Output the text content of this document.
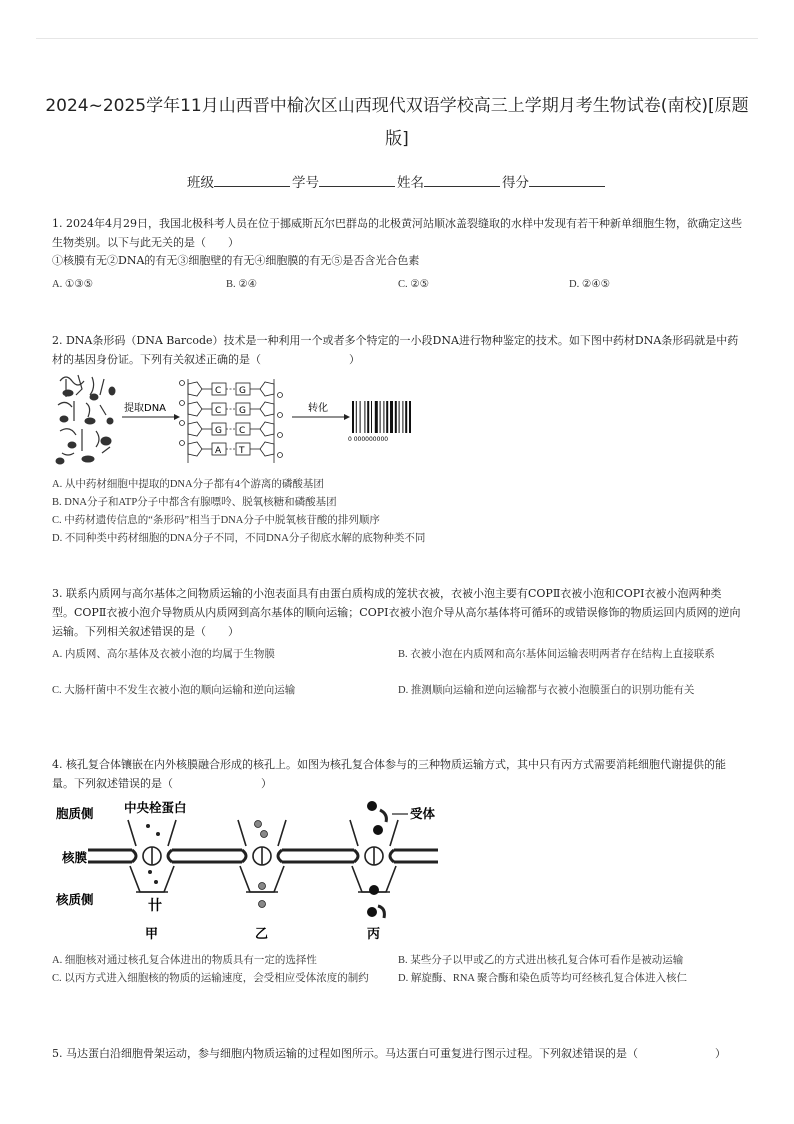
2024~2025学年11月山西晋中榆次区山西现代双语学校高三上学期月考生物试卷(南校)[原题版]
班级	学号	姓名	得分
1. 2024年4月29日，我国北极科考人员在位于挪威斯瓦尔巴群岛的北极黄河站顺冰盖裂缝取的水样中发现有若干种新单细胞生物，欲确定这些生物类别。以下与此无关的是（　　）
①核膜有无②DNA的有无③细胞壁的有无④细胞膜的有无⑤是否含光合色素
A. ①③⑤	B. ②④	C. ②⑤	D. ②④⑤
2. DNA条形码（DNA Barcode）技术是一种利用一个或者多个特定的一小段DNA进行物种鉴定的技术。如下图中药材DNA条形码就是中药材的基因身份证。下列有关叙述正确的是（　　　　　　　　）
提取DNA
C G
C G
G C
A T
转化
0 000000000
A. 从中药材细胞中提取的DNA分子都有4个游离的磷酸基团
B. DNA分子和ATP分子中都含有腺嘌呤、脱氧核糖和磷酸基团
C. 中药材遗传信息的“条形码”相当于DNA分子中脱氧核苷酸的排列顺序
D. 不同种类中药材细胞的DNA分子不同，不同DNA分子彻底水解的底物种类不同
3. 联系内质网与高尔基体之间物质运输的小泡表面具有由蛋白质构成的笼状衣被，衣被小泡主要有COPⅡ衣被小泡和COPⅠ衣被小泡两种类型。COPⅡ衣被小泡介导物质从内质网到高尔基体的顺向运输；COPⅠ衣被小泡介导从高尔基体将可循环的或错误修饰的物质运回内质网的逆向运输。下列相关叙述错误的是（　　）
A. 内质网、高尔基体及衣被小泡的均属于生物膜	B. 衣被小泡在内质网和高尔基体间运输表明两者存在结构上直接联系
C. 大肠杆菌中不发生衣被小泡的顺向运输和逆向运输	D. 推测顺向运输和逆向运输都与衣被小泡膜蛋白的识别功能有关
4. 核孔复合体镶嵌在内外核膜融合形成的核孔上。如图为核孔复合体参与的三种物质运输方式，其中只有丙方式需要消耗细胞代谢提供的能量。下列叙述错误的是（　　　　　　　　）
胞质侧
核膜
核质侧
中央栓蛋白	受体
卄
甲	乙	丙
A. 细胞核对通过核孔复合体进出的物质具有一定的选择性	B. 某些分子以甲或乙的方式进出核孔复合体可看作是被动运输
C. 以丙方式进入细胞核的物质的运输速度，会受相应受体浓度的制约	D. 解旋酶、RNA 聚合酶和染色质等均可经核孔复合体进入核仁
5. 马达蛋白沿细胞骨架运动，参与细胞内物质运输的过程如图所示。马达蛋白可重复进行图示过程。下列叙述错误的是（　　　　　　　）
